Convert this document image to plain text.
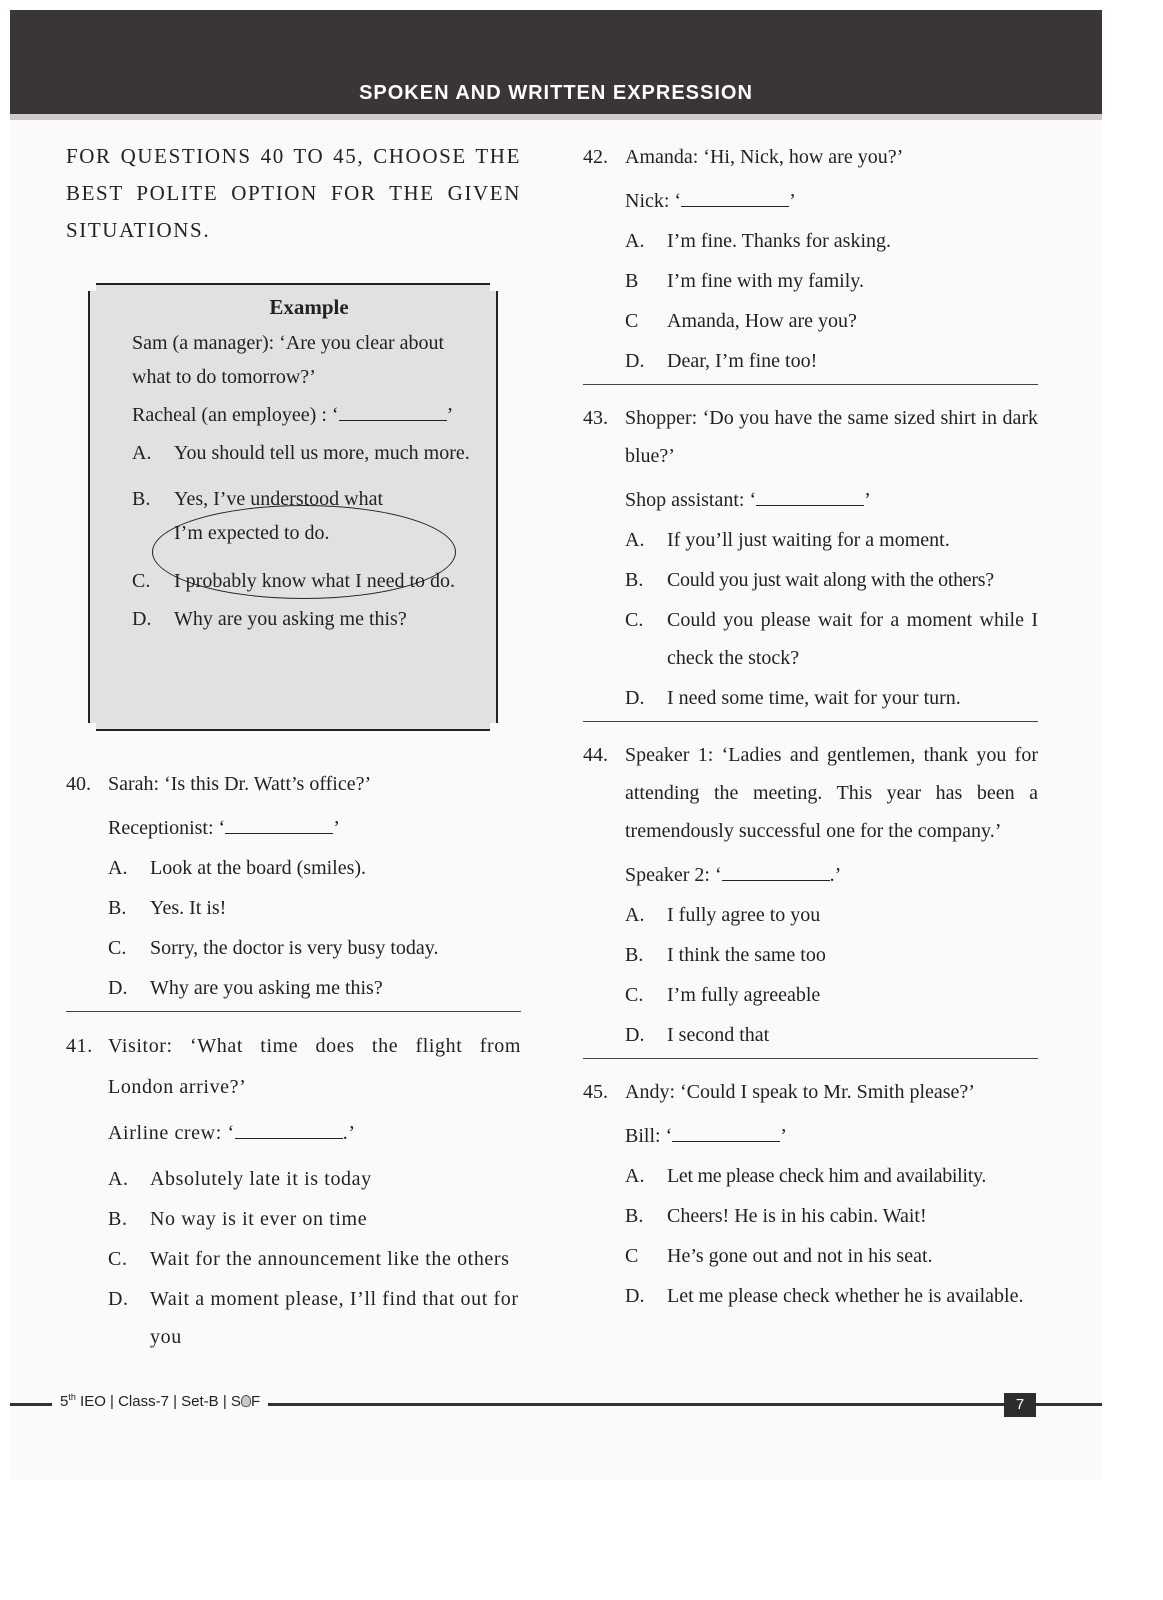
SPOKEN AND WRITTEN EXPRESSION
FOR QUESTIONS 40 TO 45, CHOOSE THE BEST POLITE OPTION FOR THE GIVEN SITUATIONS.
Example
Sam (a manager): ‘Are you clear about what to do tomorrow?’
Racheal (an employee) : ‘	’
A.	You should tell us more, much more.
B.	Yes, I’ve understood what I’m expected to do.
C.	I probably know what I need to do.
D.	Why are you asking me this?
40. Sarah: ‘Is this Dr. Watt’s office?’
Receptionist: ‘	’
A.	Look at the board (smiles).
B.	Yes. It is!
C.	Sorry, the doctor is very busy today.
D.	Why are you asking me this?
41. Visitor: ‘What time does the flight from London arrive?’
Airline crew: ‘	.’
A.	Absolutely late it is today
B.	No way is it ever on time
C.	Wait for the announcement like the others
D.	Wait a moment please, I’ll find that out for you
42. Amanda: ‘Hi, Nick, how are you?’
Nick: ‘	’
A.	I’m fine. Thanks for asking.
B	I’m fine with my family.
C	Amanda, How are you?
D.	Dear, I’m fine too!
43. Shopper: ‘Do you have the same sized shirt in dark blue?’
Shop assistant: ‘	’
A.	If you’ll just waiting for a moment.
B.	Could you just wait along with the others?
C.	Could you please wait for a moment while I check the stock?
D.	I need some time, wait for your turn.
44. Speaker 1: ‘Ladies and gentlemen, thank you for attending the meeting. This year has been a tremendously successful one for the company.’
Speaker 2: ‘	.’
A.	I fully agree to you
B.	I think the same too
C.	I’m fully agreeable
D.	I second that
45. Andy: ‘Could I speak to Mr. Smith please?’
Bill: ‘	’
A.	Let me please check him and availability.
B.	Cheers! He is in his cabin. Wait!
C	He’s gone out and not in his seat.
D.	Let me please check whether he is available.
5th IEO | Class-7 | Set-B | S F	7
